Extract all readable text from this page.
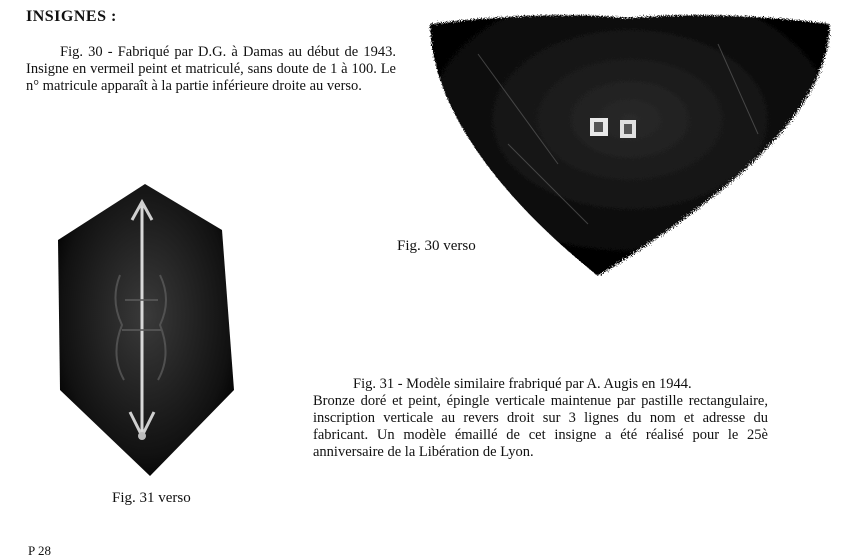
INSIGNES :
Fig. 30 - Fabriqué par D.G. à Damas au début de 1943. Insigne en vermeil peint et matriculé, sans doute de 1 à 100. Le n° matricule apparaît à la partie inférieure droite au verso.
Fig. 30 verso
Fig. 31 verso
Fig. 31 - Modèle similaire frabriqué par A. Augis en 1944.
Bronze doré et peint, épingle verticale maintenue par pastille rectangulaire, inscription verticale au revers droit sur 3 lignes du nom et adresse du fabricant. Un modèle émaillé de cet insigne a été réalisé pour le 25è anniversaire de la Libération de Lyon.
P 28
